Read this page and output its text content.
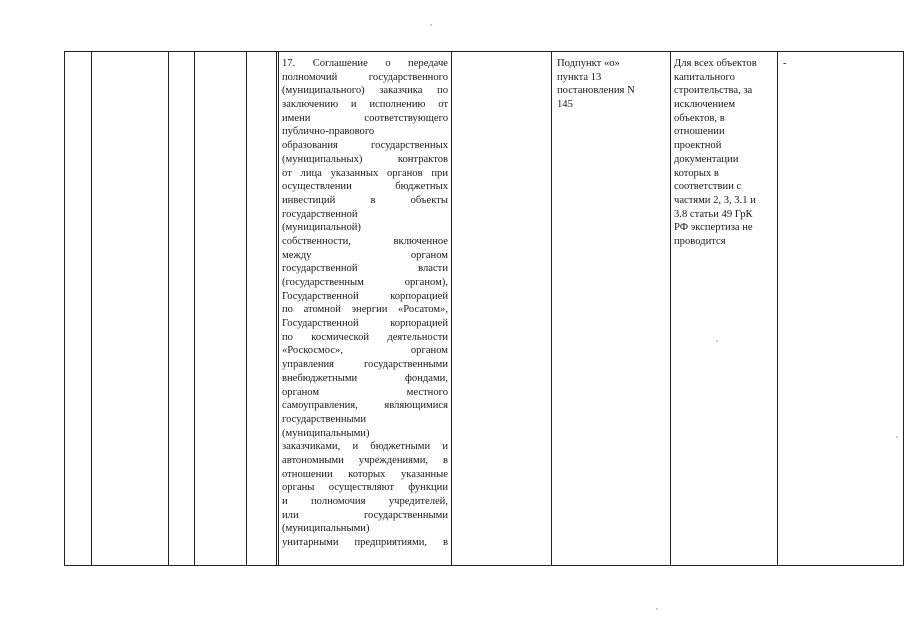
17. Соглашение о передаче
полномочий государственного
(муниципального) заказчика по
заключению и исполнению от
имени соответствующего
публично-правового
образования государственных
(муниципальных) контрактов
от лица указанных органов при
осуществлении бюджетных
инвестиций в объекты
государственной
(муниципальной)
собственности, включенное
между органом
государственной власти
(государственным органом),
Государственной корпорацией
по атомной энергии «Росатом»,
Государственной корпорацией
по космической деятельности
«Роскосмос», органом
управления государственными
внебюджетными фондами,
органом местного
самоуправления, являющимися
государственными
(муниципальными)
заказчиками, и бюджетными и
автономными учреждениями, в
отношении которых указанные
органы осуществляют функции
и полномочия учредителей,
или государственными
(муниципальными)
унитарными предприятиями, в
Подпункт «о»
пункта 13
постановления N
145
Для всех объектов
капитального
строительства, за
исключением
объектов, в
отношении
проектной
документации
которых в
соответствии с
частями 2, 3, 3.1 и
3.8 статьи 49 ГрК
РФ экспертиза не
проводится
-
